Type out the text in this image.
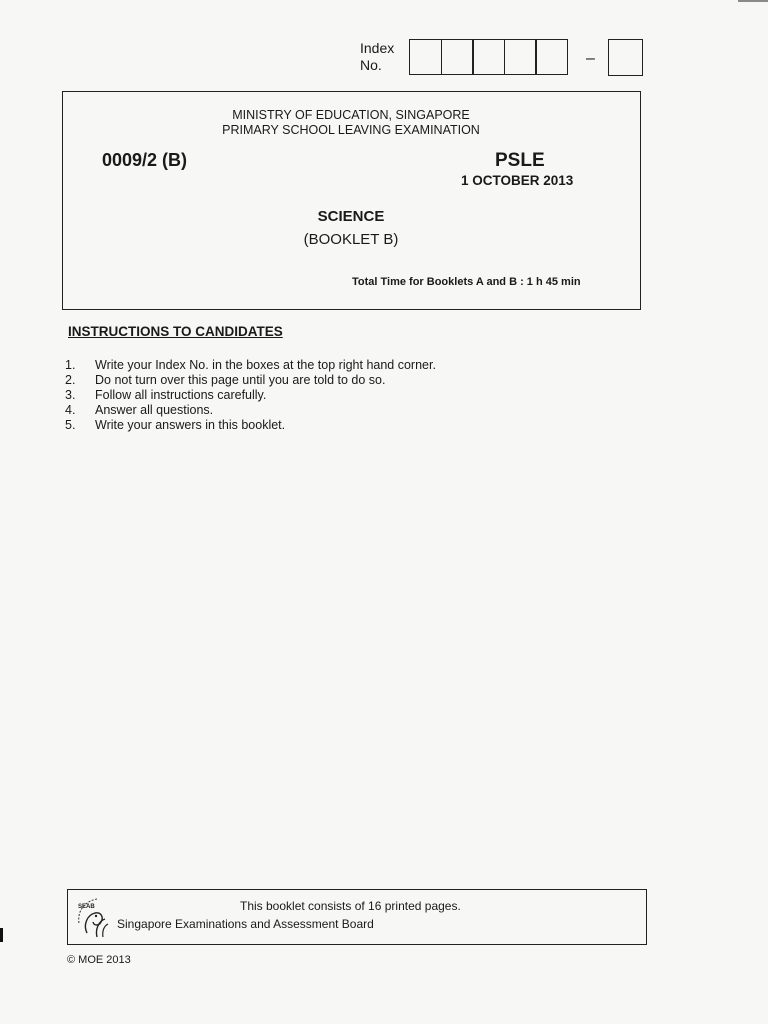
Index
No.	–
MINISTRY OF EDUCATION, SINGAPORE
PRIMARY SCHOOL LEAVING EXAMINATION
0009/2 (B)	PSLE
1 OCTOBER 2013
SCIENCE
(BOOKLET B)
Total Time for Booklets A and B : 1 h 45 min
INSTRUCTIONS TO CANDIDATES
1.	Write your Index No. in the boxes at the top right hand corner.
2.	Do not turn over this page until you are told to do so.
3.	Follow all instructions carefully.
4.	Answer all questions.
5.	Write your answers in this booklet.
SEAB	This booklet consists of 16 printed pages.
Singapore Examinations and Assessment Board
© MOE 2013
